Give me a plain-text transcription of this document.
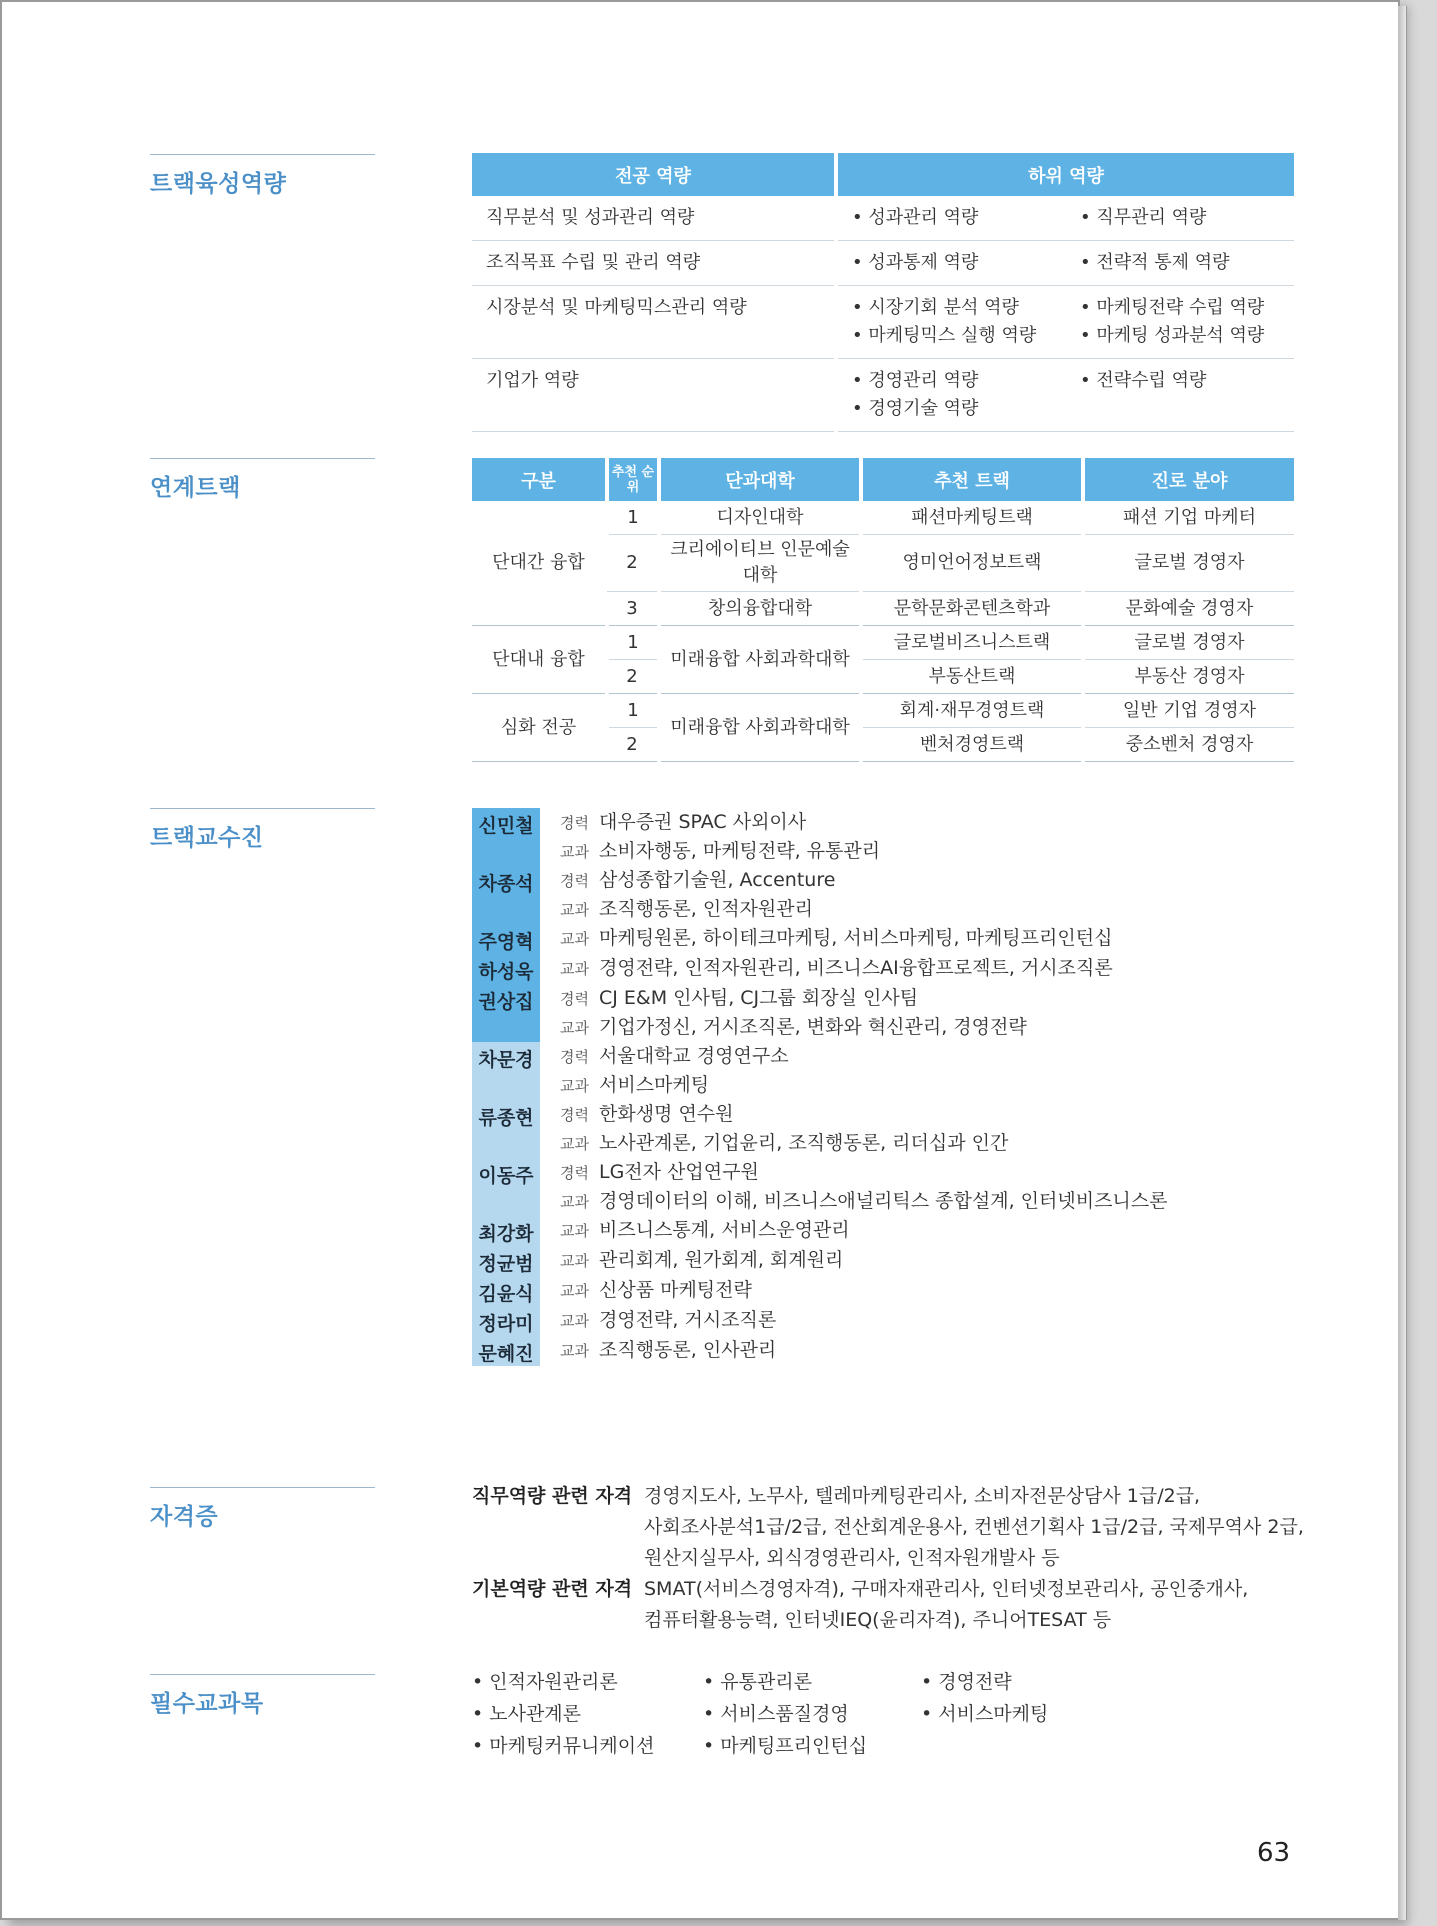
트랙육성역량
연계트랙
트랙교수진
자격증
필수교과목
전공 역량	하위 역량
직무분석 및 성과관리 역량	• 성과관리 역량 • 직무관리 역량

조직목표 수립 및 관리 역량	• 성과통제 역량 • 전략적 통제 역량

시장분석 및 마케팅믹스관리 역량	• 시장기회 분석 역량 • 마케팅전략 수립 역량
• 마케팅믹스 실행 역량 • 마케팅 성과분석 역량

기업가 역량	• 경영관리 역량 • 전략수립 역량
• 경영기술 역량
구분	추천 순위	단과대학	추천 트랙	진로 분야
단대간 융합	1	디자인대학	패션마케팅트랙	패션 기업 마케터
	2	크리에이티브 인문예술대학	영미언어정보트랙	글로벌 경영자
	3	창의융합대학	문학문화콘텐츠학과	문화예술 경영자
단대내 융합	1	미래융합 사회과학대학	글로벌비즈니스트랙	글로벌 경영자
	2		부동산트랙	부동산 경영자
심화 전공	1	미래융합 사회과학대학	회계·재무경영트랙	일반 기업 경영자
	2		벤처경영트랙	중소벤처 경영자
신민철	경력 대우증권 SPAC 사외이사
교과 소비자행동, 마케팅전략, 유통관리
차종석	경력 삼성종합기술원, Accenture
교과 조직행동론, 인적자원관리
주영혁	교과 마케팅원론, 하이테크마케팅, 서비스마케팅, 마케팅프리인턴십
하성욱	교과 경영전략, 인적자원관리, 비즈니스AI융합프로젝트, 거시조직론
권상집	경력 CJ E&M 인사팀, CJ그룹 회장실 인사팀
교과 기업가정신, 거시조직론, 변화와 혁신관리, 경영전략
차문경	경력 서울대학교 경영연구소
교과 서비스마케팅
류종현	경력 한화생명 연수원
교과 노사관계론, 기업윤리, 조직행동론, 리더십과 인간
이동주	경력 LG전자 산업연구원
교과 경영데이터의 이해, 비즈니스애널리틱스 종합설계, 인터넷비즈니스론
최강화	교과 비즈니스통계, 서비스운영관리
정균범	교과 관리회계, 원가회계, 회계원리
김윤식	교과 신상품 마케팅전략
정라미	교과 경영전략, 거시조직론
문혜진	교과 조직행동론, 인사관리
직무역량 관련 자격 경영지도사, 노무사, 텔레마케팅관리사, 소비자전문상담사 1급/2급,
사회조사분석1급/2급, 전산회계운용사, 컨벤션기획사 1급/2급, 국제무역사 2급,
원산지실무사, 외식경영관리사, 인적자원개발사 등
기본역량 관련 자격 SMAT(서비스경영자격), 구매자재관리사, 인터넷정보관리사, 공인중개사,
컴퓨터활용능력, 인터넷IEQ(윤리자격), 주니어TESAT 등
• 인적자원관리론	• 유통관리론	• 경영전략
• 노사관계론	• 서비스품질경영	• 서비스마케팅
• 마케팅커뮤니케이션	• 마케팅프리인턴십
63
